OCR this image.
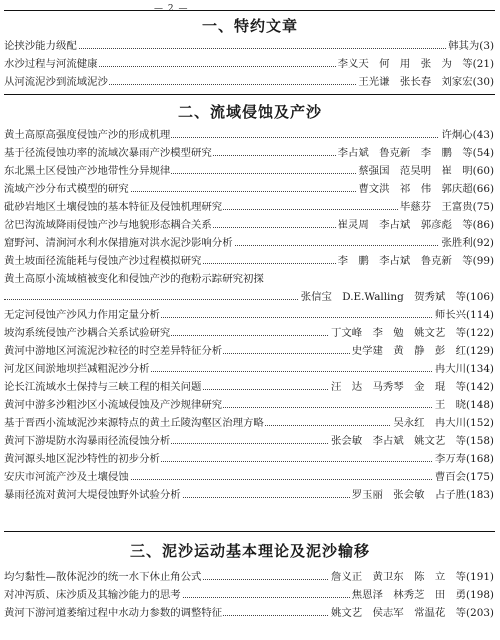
— 2 —
一、特约文章
论挟沙能力级配	韩其为(3)
水沙过程与河流健康	李义天　何　用　张　为　等(21)
从河流泥沙到流域泥沙	王光谦　张长春　刘家宏(30)
二、流域侵蚀及产沙
黄土高原高强度侵蚀产沙的形成机理	许炯心(43)
基于径流侵蚀功率的流域次暴雨产沙模型研究	李占斌　鲁克新　李　鹏　等(54)
东北黑土区侵蚀产沙地带性分异规律	蔡强国　范昊明　崔　明(60)
流域产沙分布式模型的研究	曹文洪　祁　伟　郭庆超(66)
砒砂岩地区土壤侵蚀的基本特征及侵蚀机理研究	毕慈芬　王富贵(75)
岔巴沟流域降雨侵蚀产沙与地貌形态耦合关系	崔灵周　李占斌　郭彦彪　等(86)
窟野河、清涧河水利水保措施对洪水泥沙影响分析	张胜利(92)
黄土坡面径流能耗与侵蚀产沙过程模拟研究	李　鹏　李占斌　鲁克新　等(99)
黄土高原小流域植被变化和侵蚀产沙的孢粉示踪研究初探
张信宝　D.E.Walling　贺秀斌　等(106)
无定河侵蚀产沙风力作用定量分析	师长兴(114)
坡沟系统侵蚀产沙耦合关系试验研究	丁文峰　李　勉　姚文艺　等(122)
黄河中游地区河流泥沙粒径的时空差异特征分析	史学建　黄　静　彭　红(129)
河龙区间淤地坝拦减粗泥沙分析	冉大川(134)
论长江流域水土保持与三峡工程的相关问题	汪　达　马秀琴　金　琨　等(142)
黄河中游多沙粗沙区小流域侵蚀及产沙规律研究	王　晓(148)
基于晋西小流域泥沙来源特点的黄土丘陵沟壑区治理方略	吴永红　冉大川(152)
黄河下游堤防水沟暴雨径流侵蚀分析	张会敏　李占斌　姚文艺　等(158)
黄河源头地区泥沙特性的初步分析	李万寿(168)
安庆市河流产沙及土壤侵蚀	曹百会(175)
暴雨径流对黄河大堤侵蚀野外试验分析	罗玉丽　张会敏　占子胜(183)
三、泥沙运动基本理论及泥沙输移
均匀黏性—散体泥沙的统一水下休止角公式	詹义正　黄卫东　陈　立　等(191)
对冲泻质、床沙质及其输沙能力的思考	焦恩泽　林秀芝　田　勇(198)
黄河下游河道萎缩过程中水动力参数的调整特征	姚文艺　侯志军　常温花　等(203)
